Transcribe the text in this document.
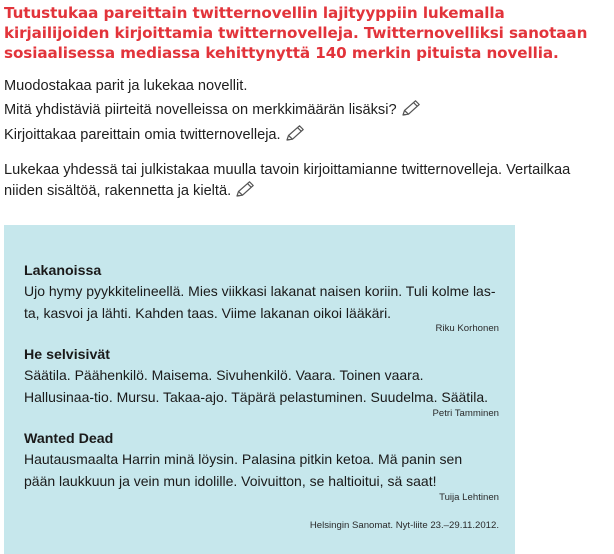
Tutustukaa pareittain twitternovellin lajityyppiin lukemalla kirjailijoiden kirjoittamia twitternovelleja. Twitternovelliksi sanotaan sosiaalisessa mediassa kehittynyttä 140 merkin pituista novellia.

Muodostakaa parit ja lukekaa novellit.

Mitä yhdistäviä piirteitä novelleissa on merkkimäärän lisäksi?

Kirjoittakaa pareittain omia twitternovelleja.

Lukekaa yhdessä tai julkistakaa muulla tavoin kirjoittamianne twitternovelleja. Vertailkaa niiden sisältöä, rakennetta ja kieltä.

Lakanoissa

Ujo hymy pyykkitelineellä. Mies viikkasi lakanat naisen koriin. Tuli kolme las-ta, kasvoi ja lähti. Kahden taas. Viime lakanan oikoi lääkäri.

Riku Korhonen

He selvisivät

Säätila. Päähenkilö. Maisema. Sivuhenkilö. Vaara. Toinen vaara. Hallusinaa-tio. Mursu. Takaa-ajo. Täpärä pelastuminen. Suudelma. Säätila.

Petri Tamminen

Wanted Dead

Hautausmaalta Harrin minä löysin. Palasina pitkin ketoa. Mä panin sen pään laukkuun ja vein mun idolille. Voivuitton, se haltioitui, sä saat!

Tuija Lehtinen

Helsingin Sanomat. Nyt-liite 23.–29.11.2012.
